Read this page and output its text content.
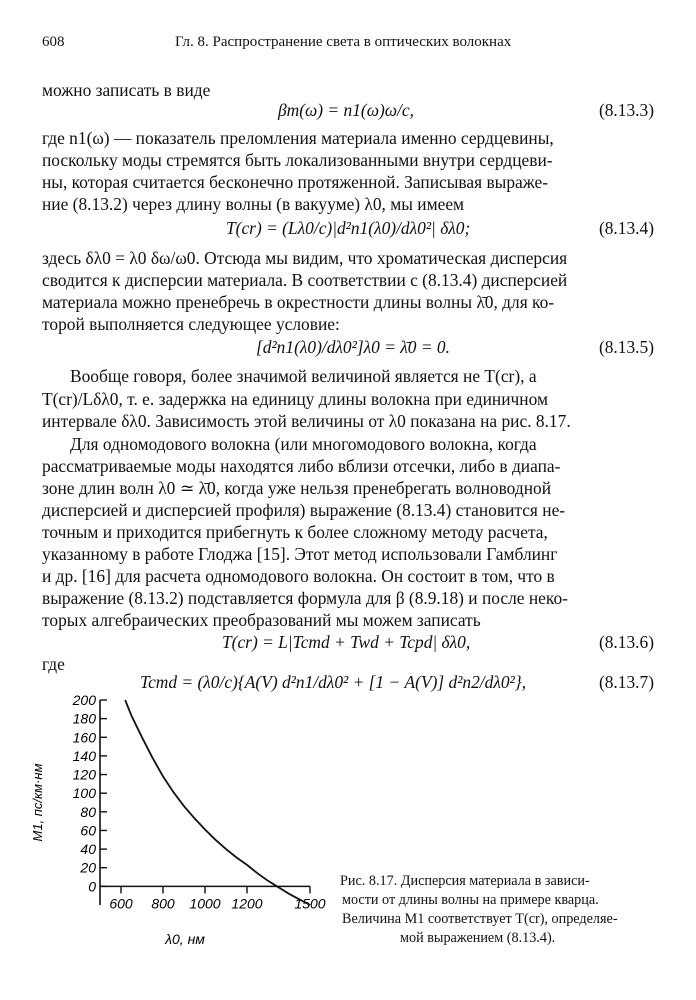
608	Гл. 8. Распространение света в оптических волокнах
можно записать в виде
βm(ω) = n1(ω)ω/c,	(8.13.3)
где n1(ω) — показатель преломления материала именно сердцевины,
поскольку моды стремятся быть локализованными внутри сердцеви-
ны, которая считается бесконечно протяженной. Записывая выраже-
ние (8.13.2) через длину волны (в вакууме) λ0, мы имеем
T(cr) = (Lλ0/c)|d²n1(λ0)/dλ0²| δλ0;	(8.13.4)
здесь δλ0 = λ0 δω/ω0. Отсюда мы видим, что хроматическая дисперсия
сводится к дисперсии материала. В соответствии с (8.13.4) дисперсией
материала можно пренебречь в окрестности длины волны λ̄0, для ко-
торой выполняется следующее условие:
[d²n1(λ0)/dλ0²]λ0 = λ̄0 = 0.	(8.13.5)
Вообще говоря, более значимой величиной является не T(cr), а
T(cr)/Lδλ0, т. е. задержка на единицу длины волокна при единичном
интервале δλ0. Зависимость этой величины от λ0 показана на рис. 8.17.
Для одномодового волокна (или многомодового волокна, когда
рассматриваемые моды находятся либо вблизи отсечки, либо в диапа-
зоне длин волн λ0 ≃ λ̄0, когда уже нельзя пренебрегать волноводной
дисперсией и дисперсией профиля) выражение (8.13.4) становится не-
точным и приходится прибегнуть к более сложному методу расчета,
указанному в работе Глоджа [15]. Этот метод использовали Гамблинг
и др. [16] для расчета одномодового волокна. Он состоит в том, что в
выражение (8.13.2) подставляется формула для β (8.9.18) и после неко-
торых алгебраических преобразований мы можем записать
T(cr) = L|Tcmd + Twd + Tcpd| δλ0,	(8.13.6)
где
Tcmd = (λ0/c){A(V) d²n1/dλ0² + [1 − A(V)] d²n2/dλ0²},	(8.13.7)
0
20
40
60
80
100
120
140
160
180
200
600 800 1000 1200 1500
λ0, нм
M1, пс/км·нм
Рис. 8.17. Дисперсия материала в зависи-
мости от длины волны на примере кварца.
Величина M1 соответствует T(cr), определяе-
мой выражением (8.13.4).
